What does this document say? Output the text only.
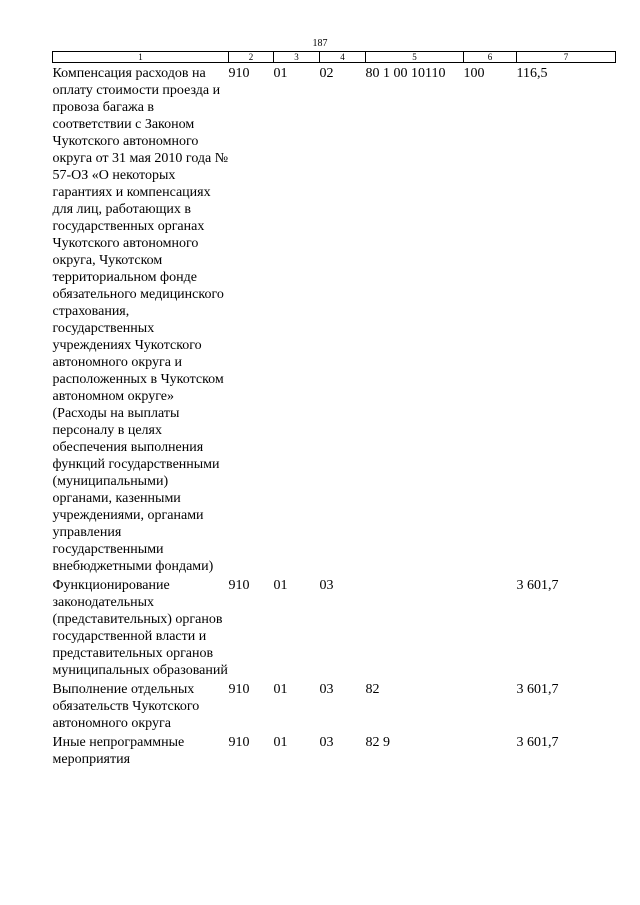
187
1	2	3	4	5	6	7
Компенсация расходов на оплату стоимости проезда и провоза багажа в соответствии с Законом Чукотского автономного округа от 31 мая 2010 года № 57-ОЗ «О некоторых гарантиях и компенсациях для лиц, работающих в государственных органах Чукотского автономного округа, Чукотском территориальном фонде обязательного медицинского страхования, государственных учреждениях Чукотского автономного округа и расположенных в Чукотском автономном округе» (Расходы на выплаты персоналу в целях обеспечения выполнения функций государственными (муниципальными) органами, казенными учреждениями, органами управления государственными внебюджетными фондами)	910	01	02	80 1 00 10110	100	116,5
Функционирование законодательных (представительных) органов государственной власти и представительных органов муниципальных образований	910	01	03			3 601,7
Выполнение отдельных обязательств Чукотского автономного округа	910	01	03	82		3 601,7
Иные непрограммные мероприятия	910	01	03	82 9		3 601,7
